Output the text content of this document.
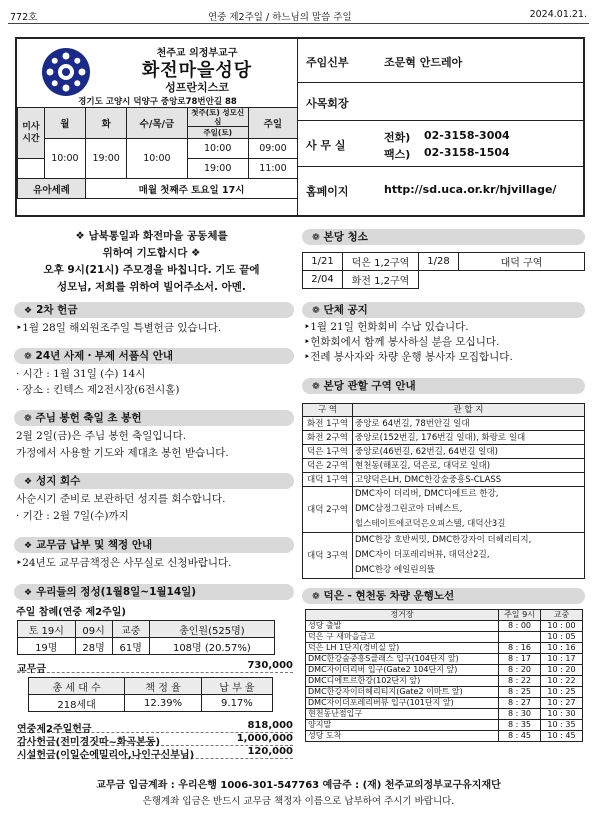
772호	연중 제2주일 / 하느님의 말씀 주일	2024.01.21.
천주교 의정부교구
화전마을성당
성프란치스코
경기도 고양시 덕양구 중앙로78번안길 88
미사 시간	월	화	수/목/금	첫주(토) 성모신심	주일
				주일(토)	
	10:00	19:00	10:00	10:00	09:00
				19:00	11:00
유아세례		매월 첫째주 토요일 17시			
주임신부	조문혁 안드레아
사목회장
사 무 실
전화) 02-3158-3004
팩스) 02-3158-1504
홈페이지	http://sd.uca.or.kr/hjvillage/
❖ 남북통일과 화전마을 공동체를
위하여 기도합시다 ❖
오후 9시(21시) 주모경을 바칩니다. 기도 끝에
성모님, 저희를 위하여 빌어주소서. 아멘.
❖ 2차 헌금
‣1월 28일 해외원조주일 특별헌금 있습니다.
❁ 24년 사제・부제 서품식 안내
· 시간 : 1월 31일 (수) 14시
· 장소 : 킨텍스 제2전시장(6전시홀)
❁ 주님 봉헌 축일 초 봉헌
2월 2일(금)은 주님 봉헌 축일입니다.
가정에서 사용할 기도와 제대초 봉헌 받습니다.
❖ 성지 회수
사순시기 준비로 보관하던 성지를 회수합니다.
· 기간 : 2월 7일(수)까지
❖ 교무금 납부 및 책정 안내
‣24년도 교무금책정은 사무실로 신청바랍니다.
❖ 우리들의 정성(1월8일~1월14일)
주일 참례(연중 제2주일)
토 19시	09시	교중	총인원(525명)
19명	28명	61명	108명 (20.57%)
교무금	730,000
총 세 대 수	책 정 율	납 부 율
218세대	12.39%	9.17%
연중제2주일헌금	818,000
감사헌금(전미경짓따~화곡본동)	1,000,000
시설헌금(이일순에밀리아,나인구신부님)	120,000
❁ 본당 청소
1/21	덕은 1,2구역	1/28	대덕 구역
2/04	화전 1,2구역		
❁ 단체 공지
‣1월 21일 헌화회비 수납 있습니다.
‣헌화회에서 함께 봉사하실 분을 모십니다.
‣전례 봉사자와 차량 운행 봉사자 모집합니다.
❁ 본당 관할 구역 안내
구 역	관 할 지
화전 1구역	중앙로 64번길, 78번안길 일대
화전 2구역	중앙로(152번길, 176번길 일대), 화랑로 일대
덕은 1구역	중앙로(46번길, 62번길, 64번길 일대)
덕은 2구역	현천동(해포길, 덕은로, 대덕로 일대)
대덕 1구역	고양덕은LH, DMC한강숲중흥S-CLASS
대덕 2구역	DMC자이 더리버, DMC디에트르 한강,
DMC삼정그린코아 더베스트,
힐스테이트에코덕은오피스텔, 대덕산3길

대덕 3구역	DMC한강 호반써밋, DMC한강자이 더헤리티지,
DMC자이 더포레리버뷰, 대덕산2길,
DMC한강 에일린의뜰
❁ 덕은 - 현천동 차량 운행노선
정거장	주일 9시	교중
성당 출발	8 : 00	10 : 00
덕은 구 새마을금고		10 : 05
덕은 LH 1단지(경비실 앞)	8 : 16	10 : 16
DMC한강숲중흥S클래스 입구(104단지 앞)	8 : 17	10 : 17
DMC자이더리버 입구(Gate2 104단지 앞)	8 : 20	10 : 20
DMC디에트르한강(102단지 앞)	8 : 22	10 : 22
DMC한강자이더헤리티지(Gate2 이마트 앞)	8 : 25	10 : 25
DMC자이더포레리버뷰 입구(101단지 앞)	8 : 27	10 : 27
현천동난점입구	8 : 30	10 : 30
양지말	8 : 35	10 : 35
성당 도착	8 : 45	10 : 45
교무금 입금계좌 : 우리은행 1006-301-547763 예금주 : (재) 천주교의정부교구유지재단
은행계좌 입금은 반드시 교무금 책정자 이름으로 납부하여 주시기 바랍니다.
